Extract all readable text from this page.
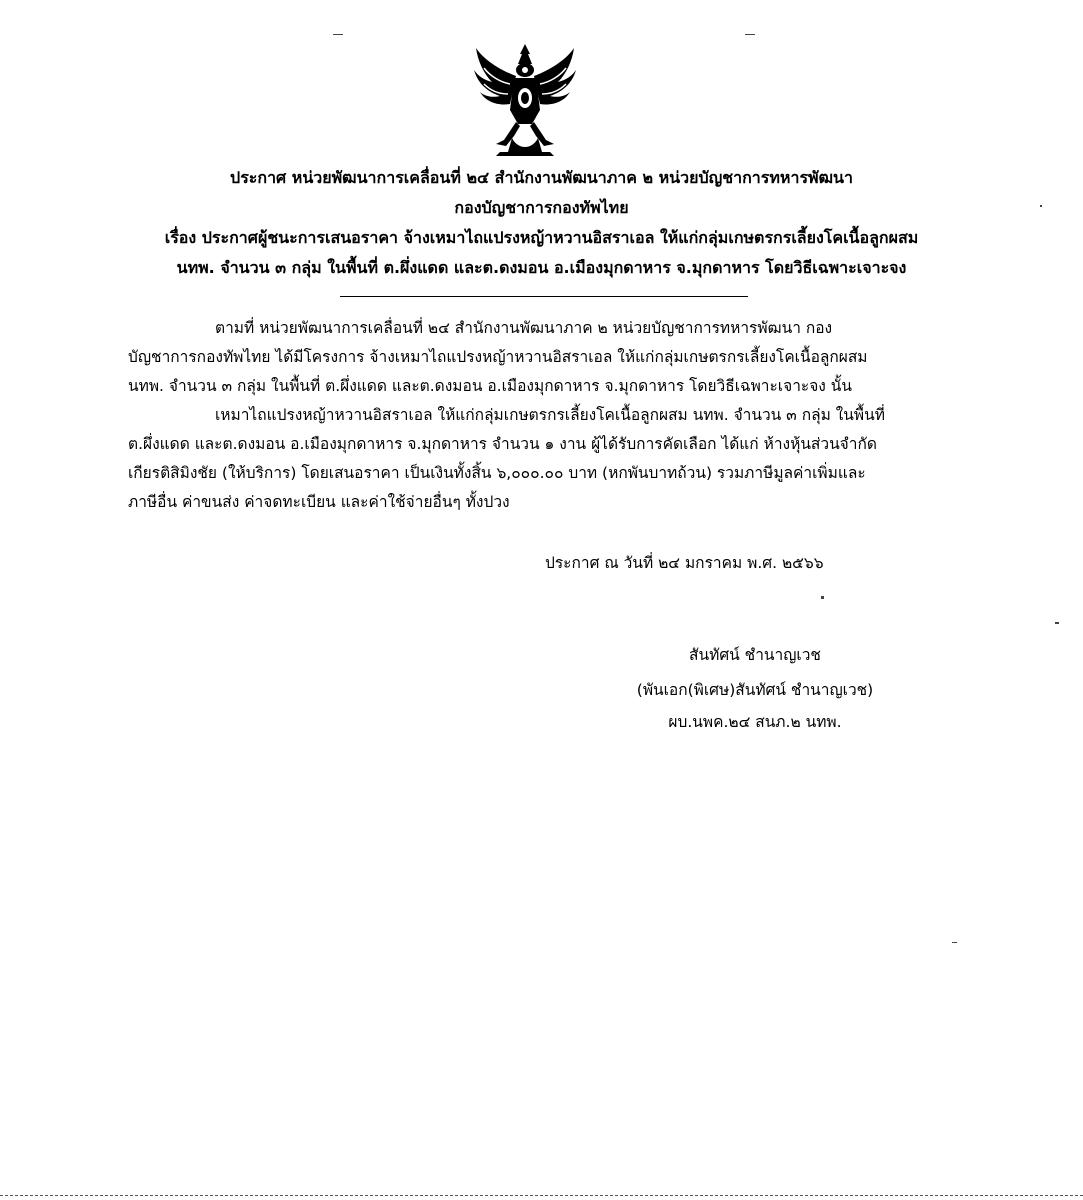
ประกาศ หน่วยพัฒนาการเคลื่อนที่ ๒๔ สำนักงานพัฒนาภาค ๒ หน่วยบัญชาการทหารพัฒนา
กองบัญชาการกองทัพไทย
เรื่อง ประกาศผู้ชนะการเสนอราคา จ้างเหมาไถแปรงหญ้าหวานอิสราเอล ให้แก่กลุ่มเกษตรกรเลี้ยงโคเนื้อลูกผสม
นทพ. จำนวน ๓ กลุ่ม ในพื้นที่ ต.ผึ่งแดด และต.ดงมอน อ.เมืองมุกดาหาร จ.มุกดาหาร โดยวิธีเฉพาะเจาะจง
ตามที่ หน่วยพัฒนาการเคลื่อนที่ ๒๔ สำนักงานพัฒนาภาค ๒ หน่วยบัญชาการทหารพัฒนา กอง
บัญชาการกองทัพไทย ได้มีโครงการ จ้างเหมาไถแปรงหญ้าหวานอิสราเอล ให้แก่กลุ่มเกษตรกรเลี้ยงโคเนื้อลูกผสม
นทพ. จำนวน ๓ กลุ่ม ในพื้นที่ ต.ผึ่งแดด และต.ดงมอน อ.เมืองมุกดาหาร จ.มุกดาหาร โดยวิธีเฉพาะเจาะจง นั้น
เหมาไถแปรงหญ้าหวานอิสราเอล ให้แก่กลุ่มเกษตรกรเลี้ยงโคเนื้อลูกผสม นทพ. จำนวน ๓ กลุ่ม ในพื้นที่
ต.ผึ่งแดด และต.ดงมอน อ.เมืองมุกดาหาร จ.มุกดาหาร จำนวน ๑ งาน ผู้ได้รับการคัดเลือก ได้แก่ ห้างหุ้นส่วนจำกัด
เกียรติสิมิงชัย (ให้บริการ) โดยเสนอราคา เป็นเงินทั้งสิ้น ๖,๐๐๐.๐๐ บาท (หกพันบาทถ้วน) รวมภาษีมูลค่าเพิ่มและ
ภาษีอื่น ค่าขนส่ง ค่าจดทะเบียน และค่าใช้จ่ายอื่นๆ ทั้งปวง
ประกาศ ณ วันที่ ๒๔ มกราคม พ.ศ. ๒๕๖๖
สันทัศน์ ชำนาญเวช
(พันเอก(พิเศษ)สันทัศน์ ชำนาญเวช)
ผบ.นพค.๒๔ สนภ.๒ นทพ.
